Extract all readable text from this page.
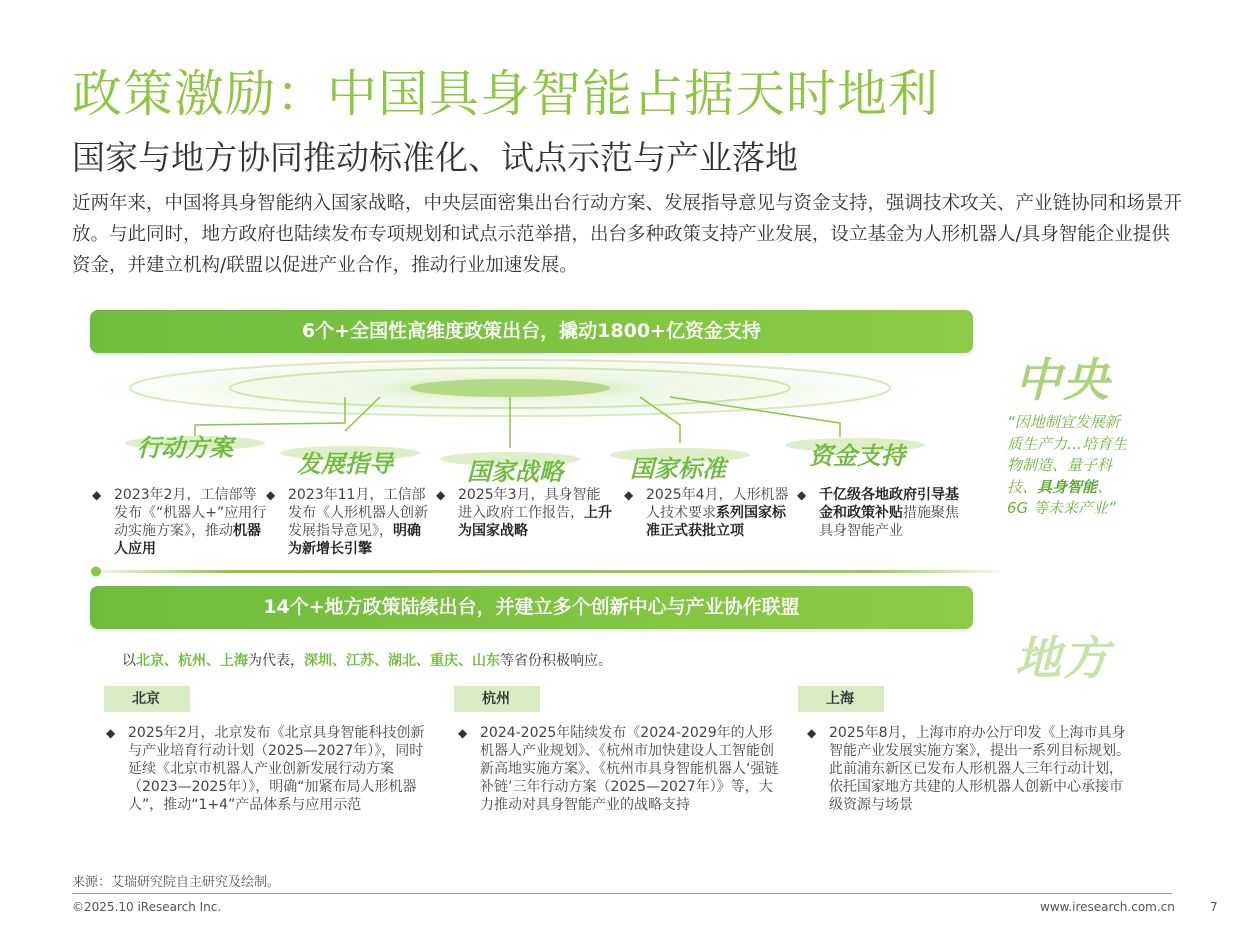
政策激励：中国具身智能占据天时地利
国家与地方协同推动标准化、试点示范与产业落地
近两年来，中国将具身智能纳入国家战略，中央层面密集出台行动方案、发展指导意见与资金支持，强调技术攻关、产业链协同和场景开放。与此同时，地方政府也陆续发布专项规划和试点示范举措，出台多种政策支持产业发展，设立基金为人形机器人/具身智能企业提供资金，并建立机构/联盟以促进产业合作，推动行业加速发展。
6个+全国性高维度政策出台，撬动1800+亿资金支持
中央
“因地制宜发展新质生产力…培育生物制造、量子科技、具身智能、6G 等未来产业”
行动方案
发展指导	国家战略	国家标准	资金支持
◆ 2023年2月，工信部等发布《“机器人+”应用行动实施方案》，推动机器人应用
◆ 2023年11月，工信部发布《人形机器人创新发展指导意见》，明确为新增长引擎
◆ 2025年3月，具身智能进入政府工作报告，上升为国家战略
◆ 2025年4月，人形机器人技术要求系列国家标准正式获批立项
◆ 千亿级各地政府引导基金和政策补贴措施聚焦具身智能产业
14个+地方政策陆续出台，并建立多个创新中心与产业协作联盟
地方
以北京、杭州、上海为代表，深圳、江苏、湖北、重庆、山东等省份积极响应。
北京	杭州	上海
◆ 2025年2月，北京发布《北京具身智能科技创新与产业培育行动计划（2025—2027年）》，同时延续《北京市机器人产业创新发展行动方案（2023—2025年）》，明确“加紧布局人形机器人”，推动“1+4”产品体系与应用示范
◆ 2024-2025年陆续发布《2024-2029年的人形机器人产业规划》、《杭州市加快建设人工智能创新高地实施方案》、《杭州市具身智能机器人‘强链补链’三年行动方案（2025—2027年）》等，大力推动对具身智能产业的战略支持
◆ 2025年8月，上海市府办公厅印发《上海市具身智能产业发展实施方案》，提出一系列目标规划。此前浦东新区已发布人形机器人三年行动计划，依托国家地方共建的人形机器人创新中心承接市级资源与场景
来源：艾瑞研究院自主研究及绘制。
©2025.10 iResearch Inc.	www.iresearch.com.cn	7
